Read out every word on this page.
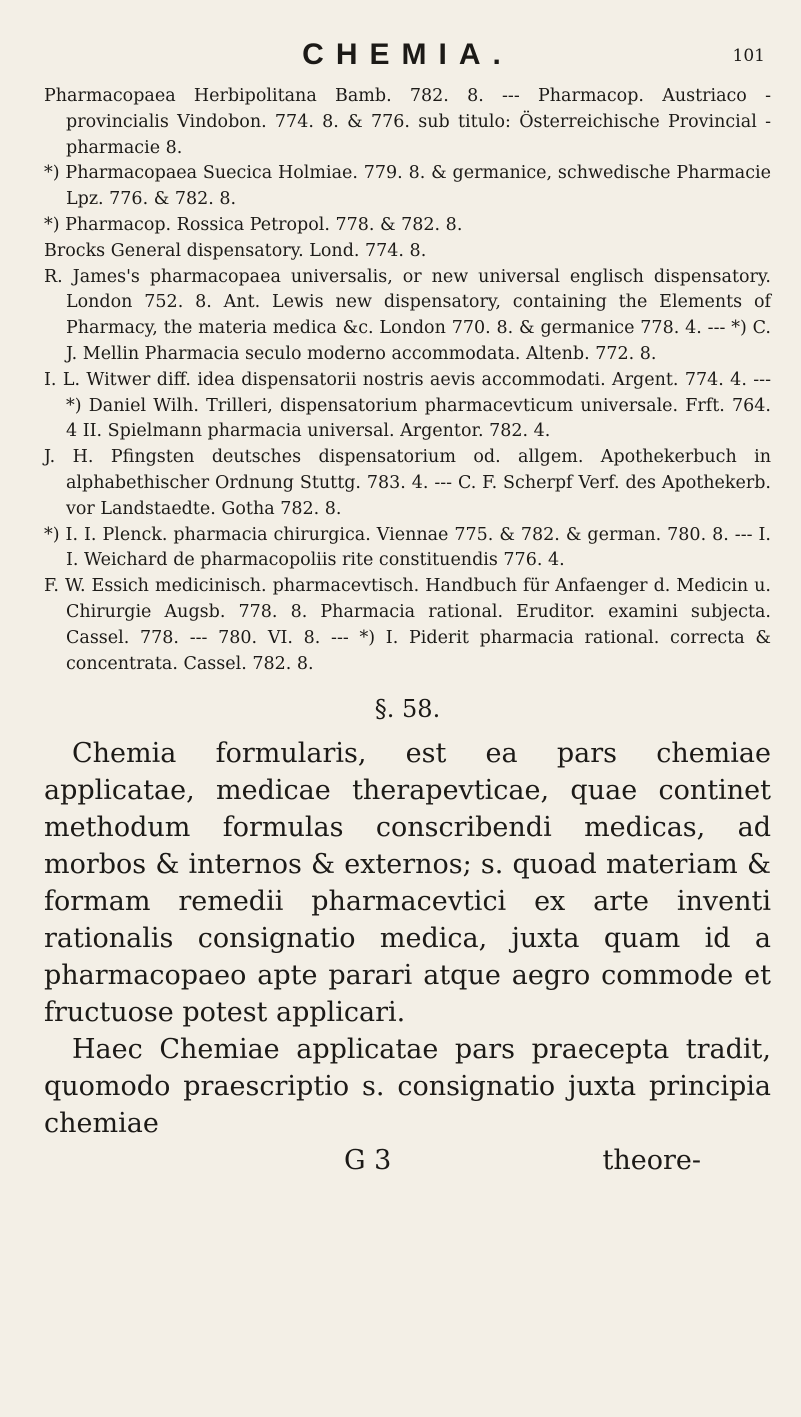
CHEMIA.	101
Pharmacopaea Herbipolitana Bamb. 782. 8. --- Pharmacop. Austriaco - provincialis Vindobon. 774. 8. & 776. sub titulo: Österreichische Provincial - pharmacie 8.
*) Pharmacopaea Suecica Holmiae. 779. 8. & germanice, schwedische Pharmacie Lpz. 776. & 782. 8.
*) Pharmacop. Rossica Petropol. 778. & 782. 8.
Brocks General dispensatory. Lond. 774. 8.
R. James's pharmacopaea universalis, or new universal englisch dispensatory. London 752. 8. Ant. Lewis new dispensatory, containing the Elements of Pharmacy, the materia medica &c. London 770. 8. & germanice 778. 4. --- *) C. J. Mellin Pharmacia seculo moderno accommodata. Altenb. 772. 8.
I. L. Witwer diff. idea dispensatorii nostris aevis accommodati. Argent. 774. 4. --- *) Daniel Wilh. Trilleri, dispensatorium pharmacevticum universale. Frft. 764. 4 II. Spielmann pharmacia universal. Argentor. 782. 4.
J. H. Pfingsten deutsches dispensatorium od. allgem. Apothekerbuch in alphabethischer Ordnung Stuttg. 783. 4. --- C. F. Scherpf Verf. des Apothekerb. vor Landstaedte. Gotha 782. 8.
*) I. I. Plenck. pharmacia chirurgica. Viennae 775. & 782. & german. 780. 8. --- I. I. Weichard de pharmacopoliis rite constituendis 776. 4.
F. W. Essich medicinisch. pharmacevtisch. Handbuch für Anfaenger d. Medicin u. Chirurgie Augsb. 778. 8. Pharmacia rational. Eruditor. examini subjecta. Cassel. 778. --- 780. VI. 8. --- *) I. Piderit pharmacia rational. correcta & concentrata. Cassel. 782. 8.
§. 58.

Chemia formularis, est ea pars chemiae applicatae, medicae therapevticae, quae continet methodum formulas conscribendi medicas, ad morbos & internos & externos; s. quoad materiam & formam remedii pharmacevtici ex arte inventi rationalis consignatio medica, juxta quam id a pharmacopaeo apte parari atque aegro commode et fructuose potest applicari.

Haec Chemiae applicatae pars praecepta tradit, quomodo praescriptio s. consignatio juxta principia chemiae

G 3	theore-
